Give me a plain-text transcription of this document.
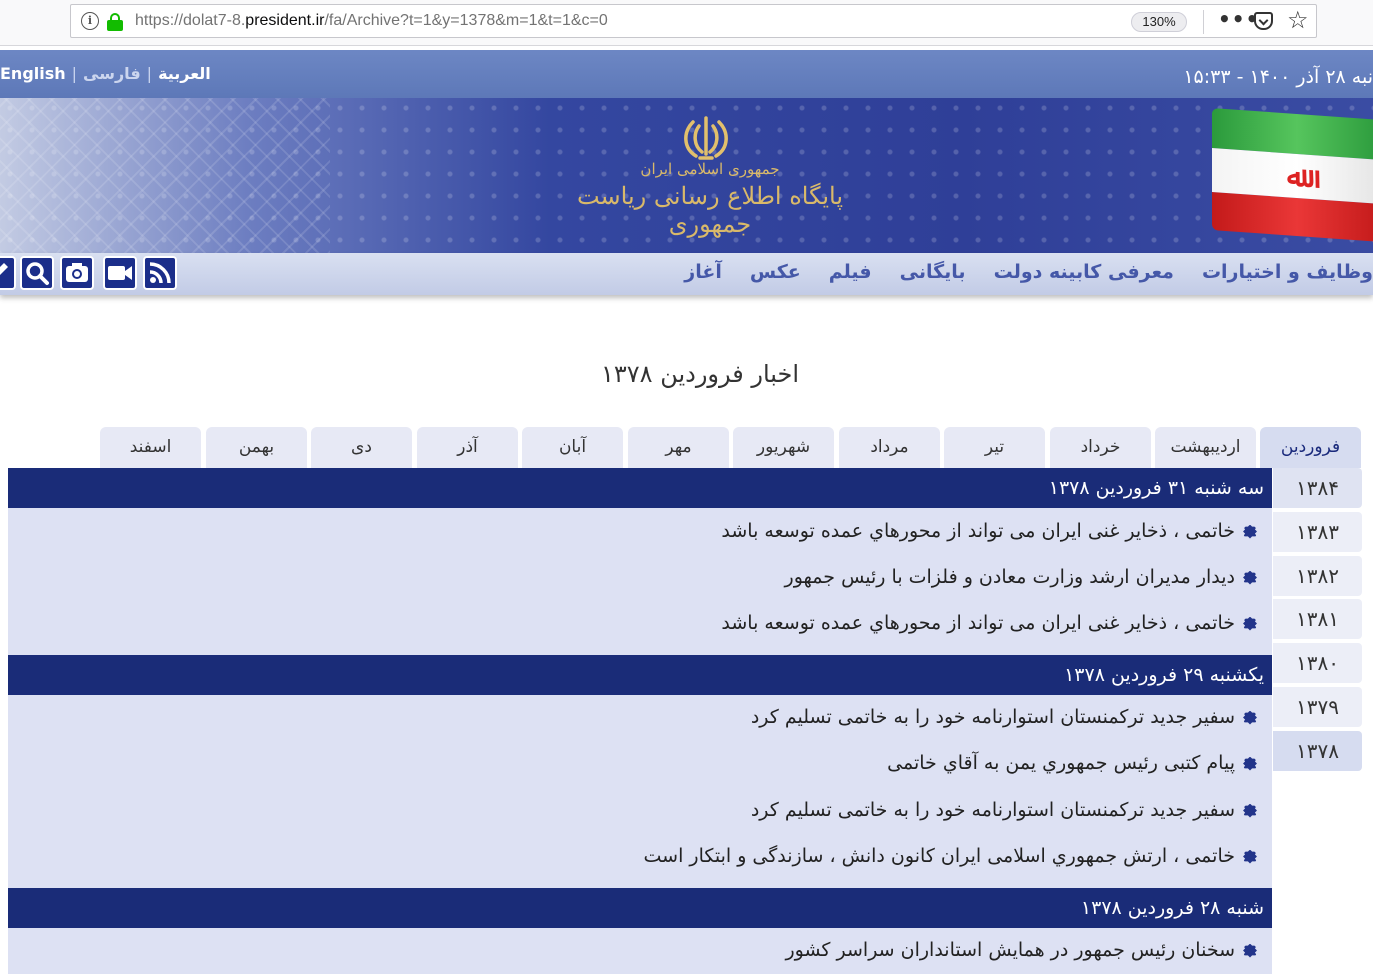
i	https://dolat7-8.president.ir/fa/Archive?t=1&y=1378&m=1&t=1&c=0	130%	••• ☆
English |	العربية|فارسی	نبه ۲۸ آذر ۱۴۰۰ - ۱۵:۳۳
جمهوری اسلامی ایران
پایگاه اطلاع رسانی ریاست جمهوری
ﷲ
آغاز عکس فیلم بایگانی معرفی کابینه دولت وظایف و اختیارات
اخبار فروردین ۱۳۷۸
فروردین
اردیبهشت
خرداد
تیر
مرداد
شهریور
مهر
آبان
آذر
دی
بهمن
اسفند
سه شنبه ۳۱ فروردین ۱۳۷۸
خاتمی ، ذخایر غنی ایران می تواند از محورهاي عمده توسعه باشد
دیدار مدیران ارشد وزارت معادن و فلزات با رئیس جمهور
خاتمی ، ذخایر غنی ایران می تواند از محورهاي عمده توسعه باشد
یکشنبه ۲۹ فروردین ۱۳۷۸
سفیر جدید ترکمنستان استوارنامه خود را به خاتمی تسلیم کرد
پیام کتبی رئیس جمهوري یمن به آقاي خاتمی
سفیر جدید ترکمنستان استوارنامه خود را به خاتمی تسلیم کرد
خاتمی ، ارتش جمهوري اسلامی ایران کانون دانش ، سازندگی و ابتکار است
شنبه ۲۸ فروردین ۱۳۷۸
سخنان رئیس جمهور در همایش استانداران سراسر کشور
۱۳۸۴
۱۳۸۳
۱۳۸۲
۱۳۸۱
۱۳۸۰
۱۳۷۹
۱۳۷۸
